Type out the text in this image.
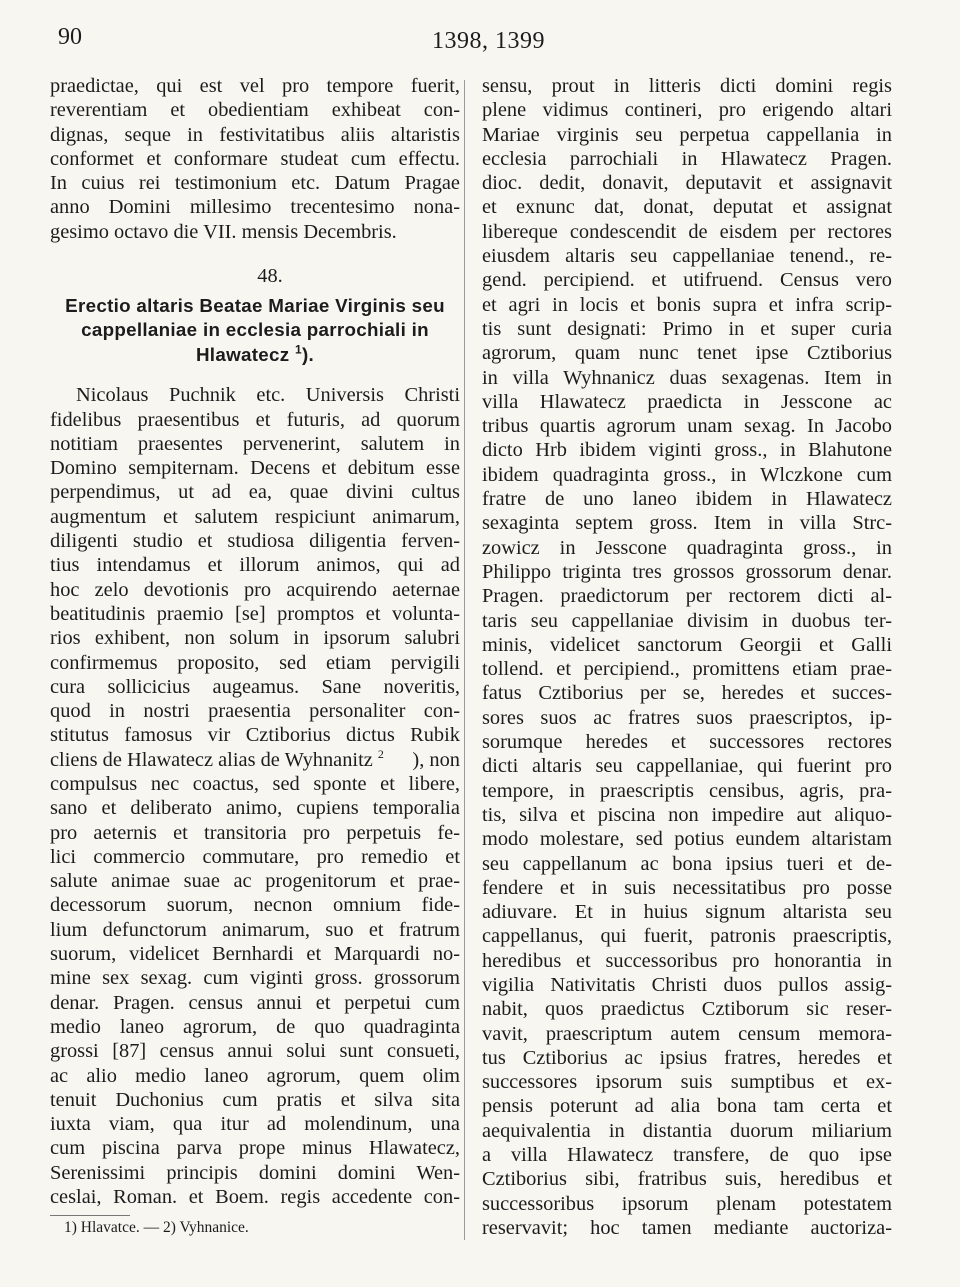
90	1398, 1399
praedictae, qui est vel pro tempore fuerit,
reverentiam et obedientiam exhibeat con-
dignas, seque in festivitatibus aliis altaristis
conformet et conformare studeat cum effectu.
In cuius rei testimonium etc. Datum Pragae
anno Domini millesimo trecentesimo nona-
gesimo octavo die VII. mensis Decembris.
48.
Erectio altaris Beatae Mariae Virginis seu
cappellaniae in ecclesia parrochiali in
Hlawatecz $^1$).
Nicolaus Puchnik etc. Universis Christi
fidelibus praesentibus et futuris, ad quorum
notitiam praesentes pervenerint, salutem in
Domino sempiternam. Decens et debitum esse
perpendimus, ut ad ea, quae divini cultus
augmentum et salutem respiciunt animarum,
diligenti studio et studiosa diligentia ferven-
tius intendamus et illorum animos, qui ad
hoc zelo devotionis pro acquirendo aeternae
beatitudinis praemio [se] promptos et volunta-
rios exhibent, non solum in ipsorum salubri
confirmemus proposito, sed etiam pervigili
cura sollicicius augeamus. Sane noveritis,
quod in nostri praesentia personaliter con-
stitutus famosus vir Cztiborius dictus Rubik
cliens de Hlawatecz alias de Wyhnanitz $^2$ ), non
compulsus nec coactus, sed sponte et libere,
sano et deliberato animo, cupiens temporalia
pro aeternis et transitoria pro perpetuis fe-
lici commercio commutare, pro remedio et
salute animae suae ac progenitorum et prae-
decessorum suorum, necnon omnium fide-
lium defunctorum animarum, suo et fratrum
suorum, videlicet Bernhardi et Marquardi no-
mine sex sexag. cum viginti gross. grossorum
denar. Pragen. census annui et perpetui cum
medio laneo agrorum, de quo quadraginta
grossi [87] census annui solui sunt consueti,
ac alio medio laneo agrorum, quem olim
tenuit Duchonius cum pratis et silva sita
iuxta viam, qua itur ad molendinum, una
cum piscina parva prope minus Hlawatecz,
Serenissimi principis domini domini Wen-
ceslai, Roman. et Boem. regis accedente con-
1) Hlavatce. — 2) Vyhnanice.
sensu, prout in litteris dicti domini regis
plene vidimus contineri, pro erigendo altari
Mariae virginis seu perpetua cappellania in
ecclesia parrochiali in Hlawatecz Pragen.
dioc. dedit, donavit, deputavit et assignavit
et exnunc dat, donat, deputat et assignat
libereque condescendit de eisdem per rectores
eiusdem altaris seu cappellaniae tenend., re-
gend. percipiend. et utifruend. Census vero
et agri in locis et bonis supra et infra scrip-
tis sunt designati: Primo in et super curia
agrorum, quam nunc tenet ipse Cztiborius
in villa Wyhnanicz duas sexagenas. Item in
villa Hlawatecz praedicta in Jesscone ac
tribus quartis agrorum unam sexag. In Jacobo
dicto Hrb ibidem viginti gross., in Blahutone
ibidem quadraginta gross., in Wlczkone cum
fratre de uno laneo ibidem in Hlawatecz
sexaginta septem gross. Item in villa Strc-
zowicz in Jesscone quadraginta gross., in
Philippo triginta tres grossos grossorum denar.
Pragen. praedictorum per rectorem dicti al-
taris seu cappellaniae divisim in duobus ter-
minis, videlicet sanctorum Georgii et Galli
tollend. et percipiend., promittens etiam prae-
fatus Cztiborius per se, heredes et succes-
sores suos ac fratres suos praescriptos, ip-
sorumque heredes et successores rectores
dicti altaris seu cappellaniae, qui fuerint pro
tempore, in praescriptis censibus, agris, pra-
tis, silva et piscina non impedire aut aliquo-
modo molestare, sed potius eundem altaristam
seu cappellanum ac bona ipsius tueri et de-
fendere et in suis necessitatibus pro posse
adiuvare. Et in huius signum altarista seu
cappellanus, qui fuerit, patronis praescriptis,
heredibus et successoribus pro honorantia in
vigilia Nativitatis Christi duos pullos assig-
nabit, quos praedictus Cztiborum sic reser-
vavit, praescriptum autem censum memora-
tus Cztiborius ac ipsius fratres, heredes et
successores ipsorum suis sumptibus et ex-
pensis poterunt ad alia bona tam certa et
aequivalentia in distantia duorum miliarium
a villa Hlawatecz transfere, de quo ipse
Cztiborius sibi, fratribus suis, heredibus et
successoribus ipsorum plenam potestatem
reservavit; hoc tamen mediante auctoriza-
